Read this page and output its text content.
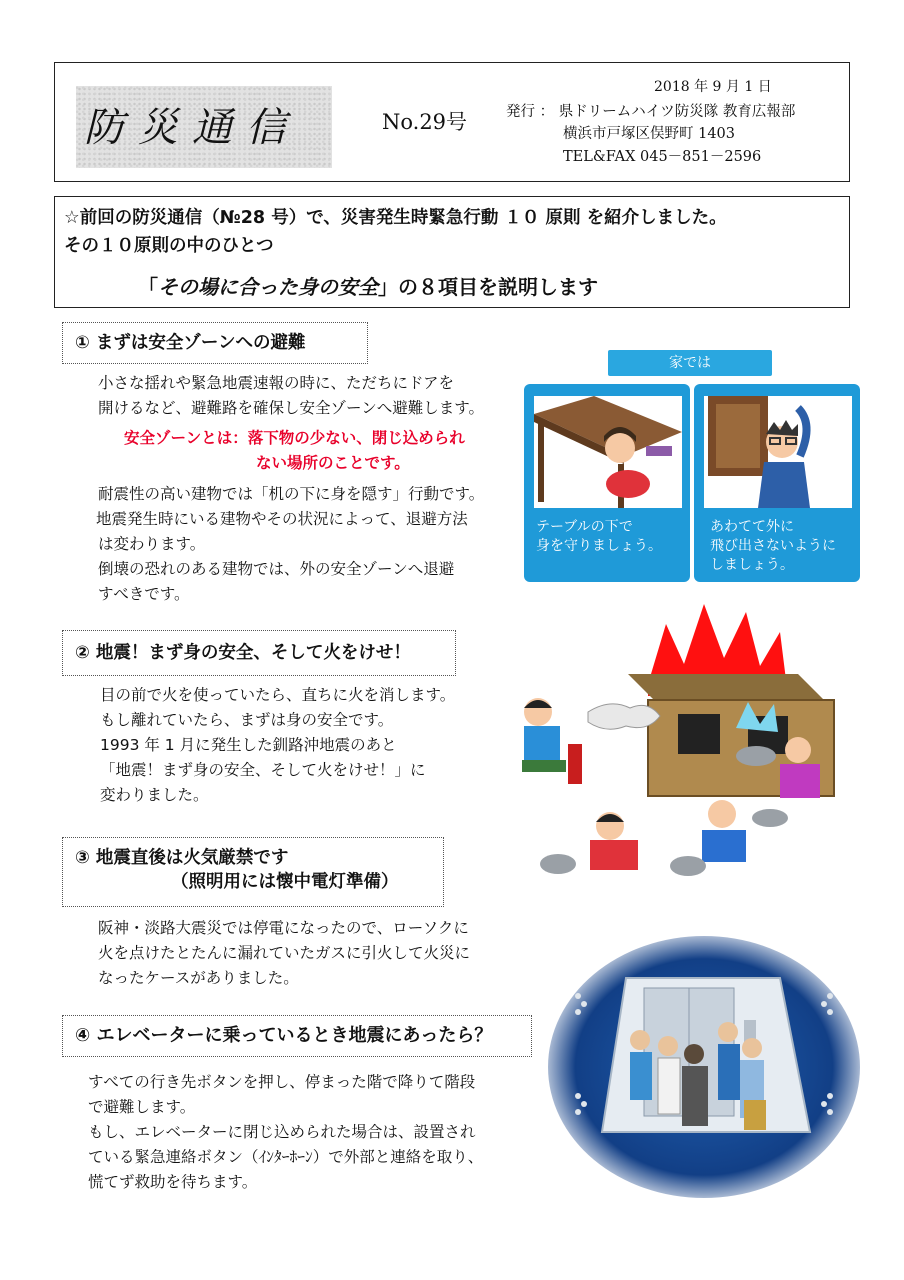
防災通信	No.29号
2018 年 9 月 1 日
発行 ： 県ドリームハイツ防災隊 教育広報部
横浜市戸塚区俣野町 1403
TEL&FAX 045－851－2596
☆前回の防災通信（№28 号）で、災害発生時緊急行動 １０ 原則 を紹介しました。
その１０原則の中のひとつ
「その場に合った身の安全」の８項目を説明します
① まずは安全ゾーンへの避難
小さな揺れや緊急地震速報の時に、ただちにドアを
開けるなど、避難路を確保し安全ゾーンへ避難します。
安全ゾーンとは：落下物の少ない、閉じ込められ
ない場所のことです。
耐震性の高い建物では「机の下に身を隠す」行動です。
地震発生時にいる建物やその状況によって、退避方法
は変わります。
倒壊の恐れのある建物では、外の安全ゾーンへ退避
すべきです。
家では
テーブルの下で
身を守りましょう。
あわてて外に
飛び出さないように
しましょう。
② 地震！まず身の安全、そして火をけせ！
目の前で火を使っていたら、直ちに火を消します。
もし離れていたら、まずは身の安全です。
1993 年 1 月に発生した釧路沖地震のあと
「地震！まず身の安全、そして火をけせ！」に
変わりました。
③ 地震直後は火気厳禁です
（照明用には懐中電灯準備）
阪神・淡路大震災では停電になったので、ローソクに
火を点けたとたんに漏れていたガスに引火して火災に
なったケースがありました。
④ エレベーターに乗っているとき地震にあったら？
すべての行き先ボタンを押し、停まった階で降りて階段
で避難します。
もし、エレベーターに閉じ込められた場合は、設置され
ている緊急連絡ボタン（ｲﾝﾀｰﾎｰﾝ）で外部と連絡を取り、
慌てず救助を待ちます。
